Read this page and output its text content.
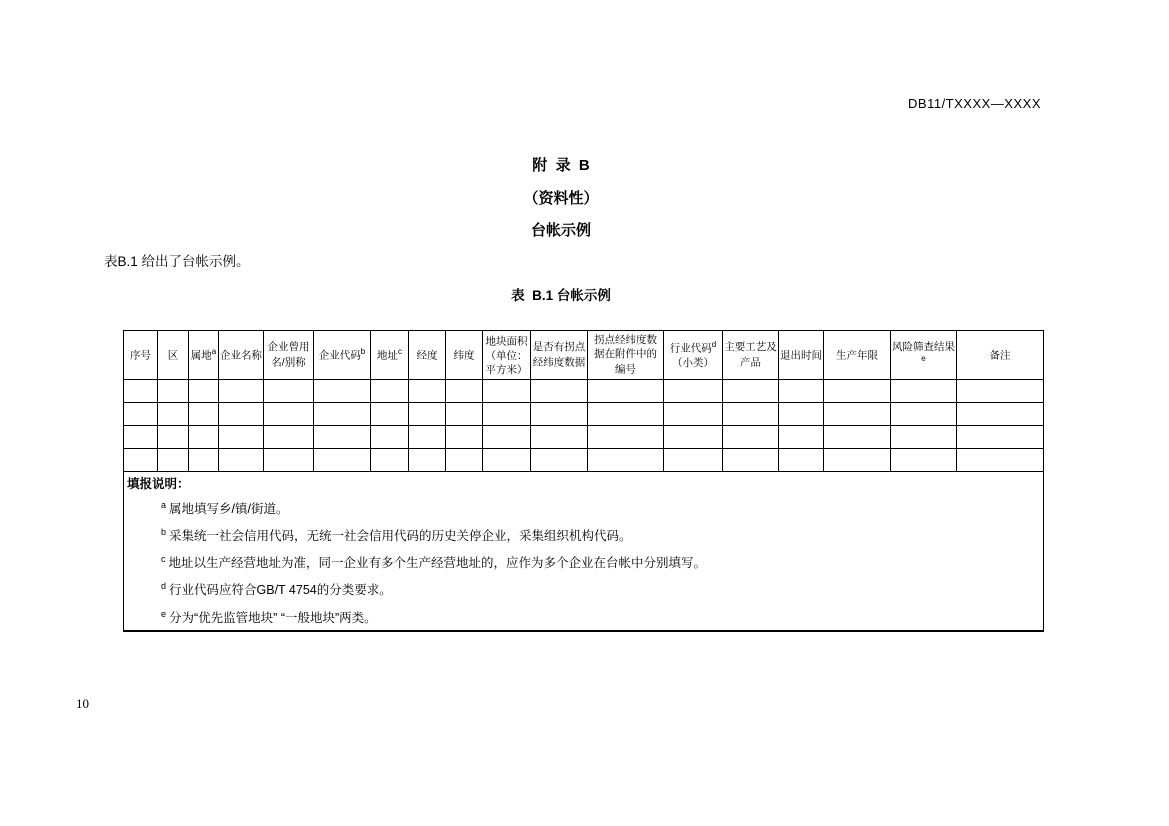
DB11/TXXXX—XXXX
附  录  B
（资料性）
台帐示例
表B.1 给出了台帐示例。
表  B.1 台帐示例
序号	区	属地$^a$	企业名称	企业曾用名/别称	企业代码$^b$	地址$^c$	经度	纬度	地块面积（单位：平方米）	是否有拐点经纬度数据	拐点经纬度数据在附件中的编号	行业代码$^d$（小类）	主要工艺及产品	退出时间	生产年限	风险筛查结果$^e$	备注

填报说明：
$^a$ 属地填写乡/镇/街道。
$^b$ 采集统一社会信用代码，无统一社会信用代码的历史关停企业，采集组织机构代码。
$^c$ 地址以生产经营地址为准，同一企业有多个生产经营地址的，应作为多个企业在台帐中分别填写。
$^d$ 行业代码应符合GB/T 4754的分类要求。
$^e$ 分为“优先监管地块” “一般地块”两类。
10
